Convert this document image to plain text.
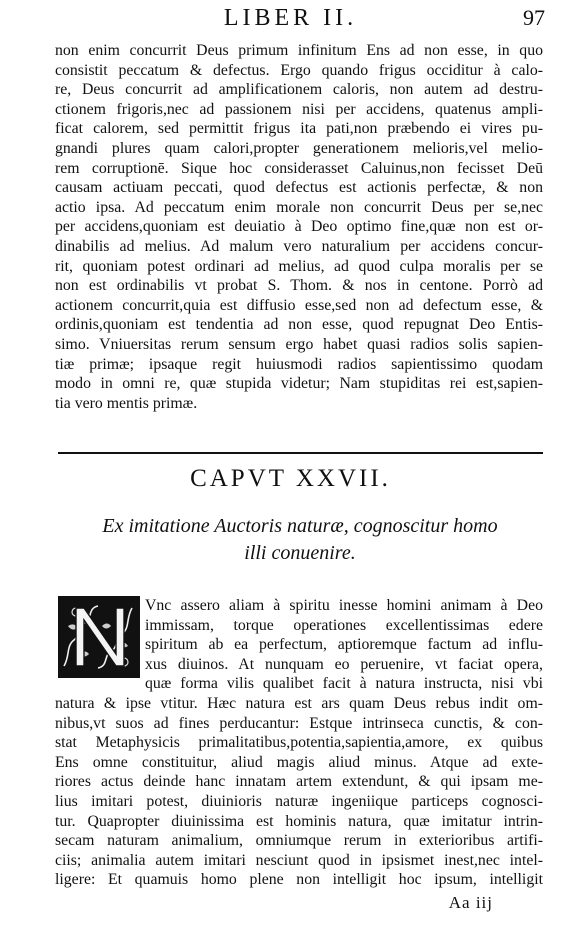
LIBER II.	97
non enim concurrit Deus primum infinitum Ens ad non esse, in quo
consistit peccatum & defectus. Ergo quando frigus occiditur à calo-
re, Deus concurrit ad amplificationem caloris, non autem ad destru-
ctionem frigoris,nec ad passionem nisi per accidens, quatenus ampli-
ficat calorem, sed permittit frigus ita pati,non præbendo ei vires pu-
gnandi plures quam calori,propter generationem melioris,vel melio-
rem corruptionē. Sique hoc considerasset Caluinus,non fecisset Deū
causam actiuam peccati, quod defectus est actionis perfectæ, & non
actio ipsa. Ad peccatum enim morale non concurrit Deus per se,nec
per accidens,quoniam est deuiatio à Deo optimo fine,quæ non est or-
dinabilis ad melius. Ad malum vero naturalium per accidens concur-
rit, quoniam potest ordinari ad melius, ad quod culpa moralis per se
non est ordinabilis vt probat S. Thom. & nos in centone. Porrò ad
actionem concurrit,quia est diffusio esse,sed non ad defectum esse, &
ordinis,quoniam est tendentia ad non esse, quod repugnat Deo Entis-
simo. Vniuersitas rerum sensum ergo habet quasi radios solis sapien-
tiæ primæ; ipsaque regit huiusmodi radios sapientissimo quodam
modo in omni re, quæ stupida videtur; Nam stupiditas rei est,sapien-
tia vero mentis primæ.
CAPVT XXVII.
Ex imitatione Auctoris naturæ, cognoscitur homo
illi conuenire.
Vnc assero aliam à spiritu inesse homini animam à Deo
immissam, torque operationes excellentissimas edere
spiritum ab ea perfectum, aptioremque factum ad influ-
xus diuinos. At nunquam eo peruenire, vt faciat opera,
quæ forma vilis qualibet facit à natura instructa, nisi vbi
natura & ipse vtitur. Hæc natura est ars quam Deus rebus indit om-
nibus,vt suos ad fines perducantur: Estque intrinseca cunctis, & con-
stat Metaphysicis primalitatibus,potentia,sapientia,amore, ex quibus
Ens omne constituitur, aliud magis aliud minus. Atque ad exte-
riores actus deinde hanc innatam artem extendunt, & qui ipsam me-
lius imitari potest, diuinioris naturæ ingeniique particeps cognosci-
tur. Quapropter diuinissima est hominis natura, quæ imitatur intrin-
secam naturam animalium, omniumque rerum in exterioribus artifi-
ciis; animalia autem imitari nesciunt quod in ipsismet inest,nec intel-
ligere: Et quamuis homo plene non intelligit hoc ipsum, intelligit
Aa iij
